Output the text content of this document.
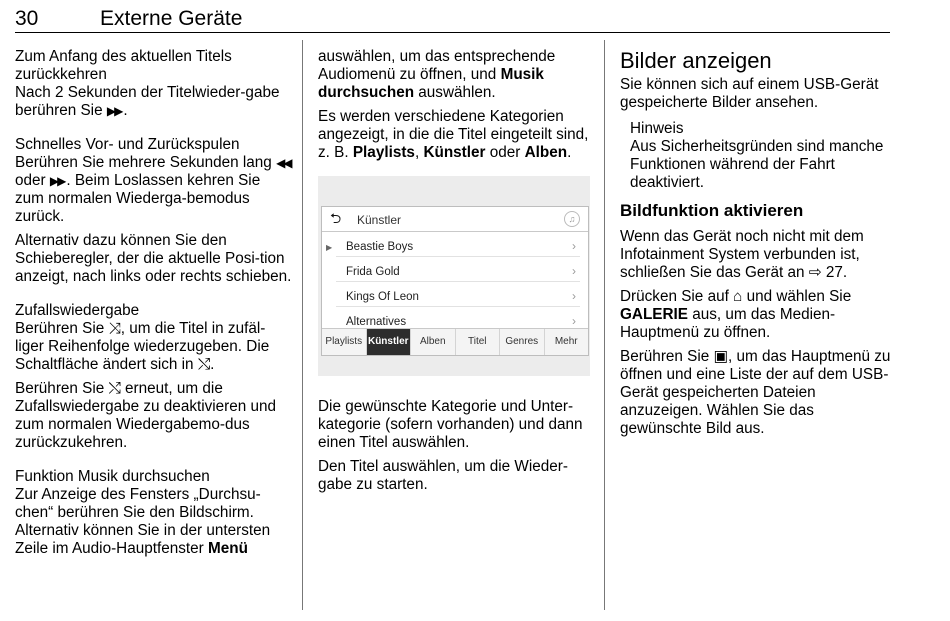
30	Externe Geräte

Zum Anfang des aktuellen Titels zurückkehren

Nach 2 Sekunden der Titelwieder-gabe berühren Sie ▶▶ .

Schnelles Vor- und Zurückspulen

Berühren Sie mehrere Sekunden lang ◀◀ oder ▶▶ . Beim Loslassen kehren Sie zum normalen Wiederga-bemodus zurück.

Alternativ dazu können Sie den Schieberegler, der die aktuelle Posi-tion anzeigt, nach links oder rechts schieben.

Zufallswiedergabe

Berühren Sie ⤨, um die Titel in zufäl-liger Reihenfolge wiederzugeben. Die Schaltfläche ändert sich in ⤭.

Berühren Sie ⤭ erneut, um die Zufallswiedergabe zu deaktivieren und zum normalen Wiedergabemo-dus zurückzukehren.

Funktion Musik durchsuchen

Zur Anzeige des Fensters „Durchsu-chen“ berühren Sie den Bildschirm. Alternativ können Sie in der untersten Zeile im Audio-Hauptfenster Menü

auswählen, um das entsprechende Audiomenü zu öffnen, und Musik durchsuchen auswählen.

Es werden verschiedene Kategorien angezeigt, in die die Titel eingeteilt sind, z. B. Playlists, Künstler oder Alben.

⮌ Künstler	♫
▶ Beastie Boys	›
Frida Gold	›
Kings Of Leon	›
Alternatives	›
Playlists Künstler	Alben	Titel	Genres	Mehr

Die gewünschte Kategorie und Unter-kategorie (sofern vorhanden) und dann einen Titel auswählen.

Den Titel auswählen, um die Wieder-gabe zu starten.

Bilder anzeigen

Sie können sich auf einem USB-Gerät gespeicherte Bilder ansehen.

Hinweis

Aus Sicherheitsgründen sind manche Funktionen während der Fahrt deaktiviert.

Bildfunktion aktivieren

Wenn das Gerät noch nicht mit dem Infotainment System verbunden ist, schließen Sie das Gerät an ⇨ 27.

Drücken Sie auf ⌂ und wählen Sie GALERIE aus, um das Medien-Hauptmenü zu öffnen.

Berühren Sie ▣, um das Hauptmenü zu öffnen und eine Liste der auf dem USB-Gerät gespeicherten Dateien anzuzeigen. Wählen Sie das gewünschte Bild aus.
